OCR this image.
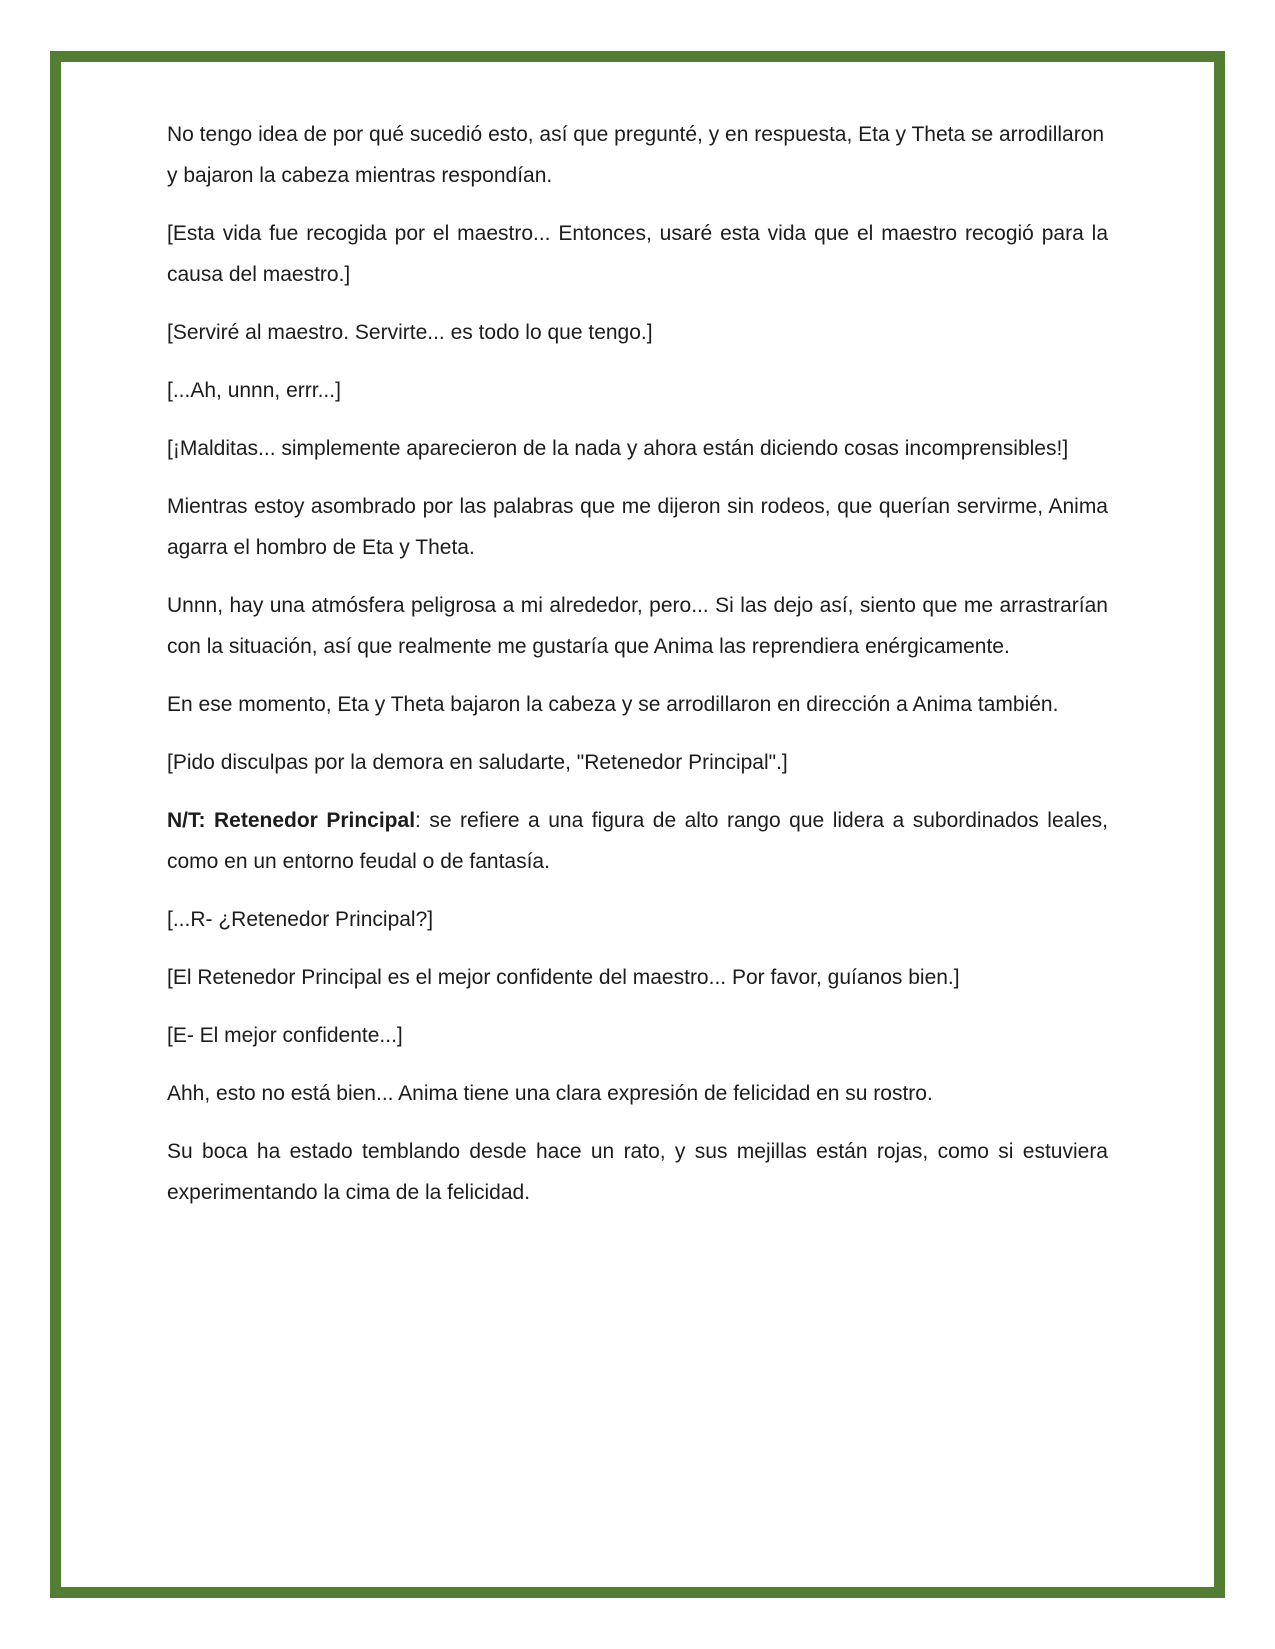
No tengo idea de por qué sucedió esto, así que pregunté, y en respuesta, Eta y Theta se arrodillaron y bajaron la cabeza mientras respondían.

[Esta vida fue recogida por el maestro... Entonces, usaré esta vida que el maestro recogió para la causa del maestro.]

[Serviré al maestro. Servirte... es todo lo que tengo.]

[...Ah, unnn, errr...]

[¡Malditas... simplemente aparecieron de la nada y ahora están diciendo cosas incomprensibles!]

Mientras estoy asombrado por las palabras que me dijeron sin rodeos, que querían servirme, Anima agarra el hombro de Eta y Theta.

Unnn, hay una atmósfera peligrosa a mi alrededor, pero... Si las dejo así, siento que me arrastrarían con la situación, así que realmente me gustaría que Anima las reprendiera enérgicamente.

En ese momento, Eta y Theta bajaron la cabeza y se arrodillaron en dirección a Anima también.

[Pido disculpas por la demora en saludarte, "Retenedor Principal".]

N/T: Retenedor Principal: se refiere a una figura de alto rango que lidera a subordinados leales, como en un entorno feudal o de fantasía.

[...R- ¿Retenedor Principal?]

[El Retenedor Principal es el mejor confidente del maestro... Por favor, guíanos bien.]

[E- El mejor confidente...]

Ahh, esto no está bien... Anima tiene una clara expresión de felicidad en su rostro.

Su boca ha estado temblando desde hace un rato, y sus mejillas están rojas, como si estuviera experimentando la cima de la felicidad.
